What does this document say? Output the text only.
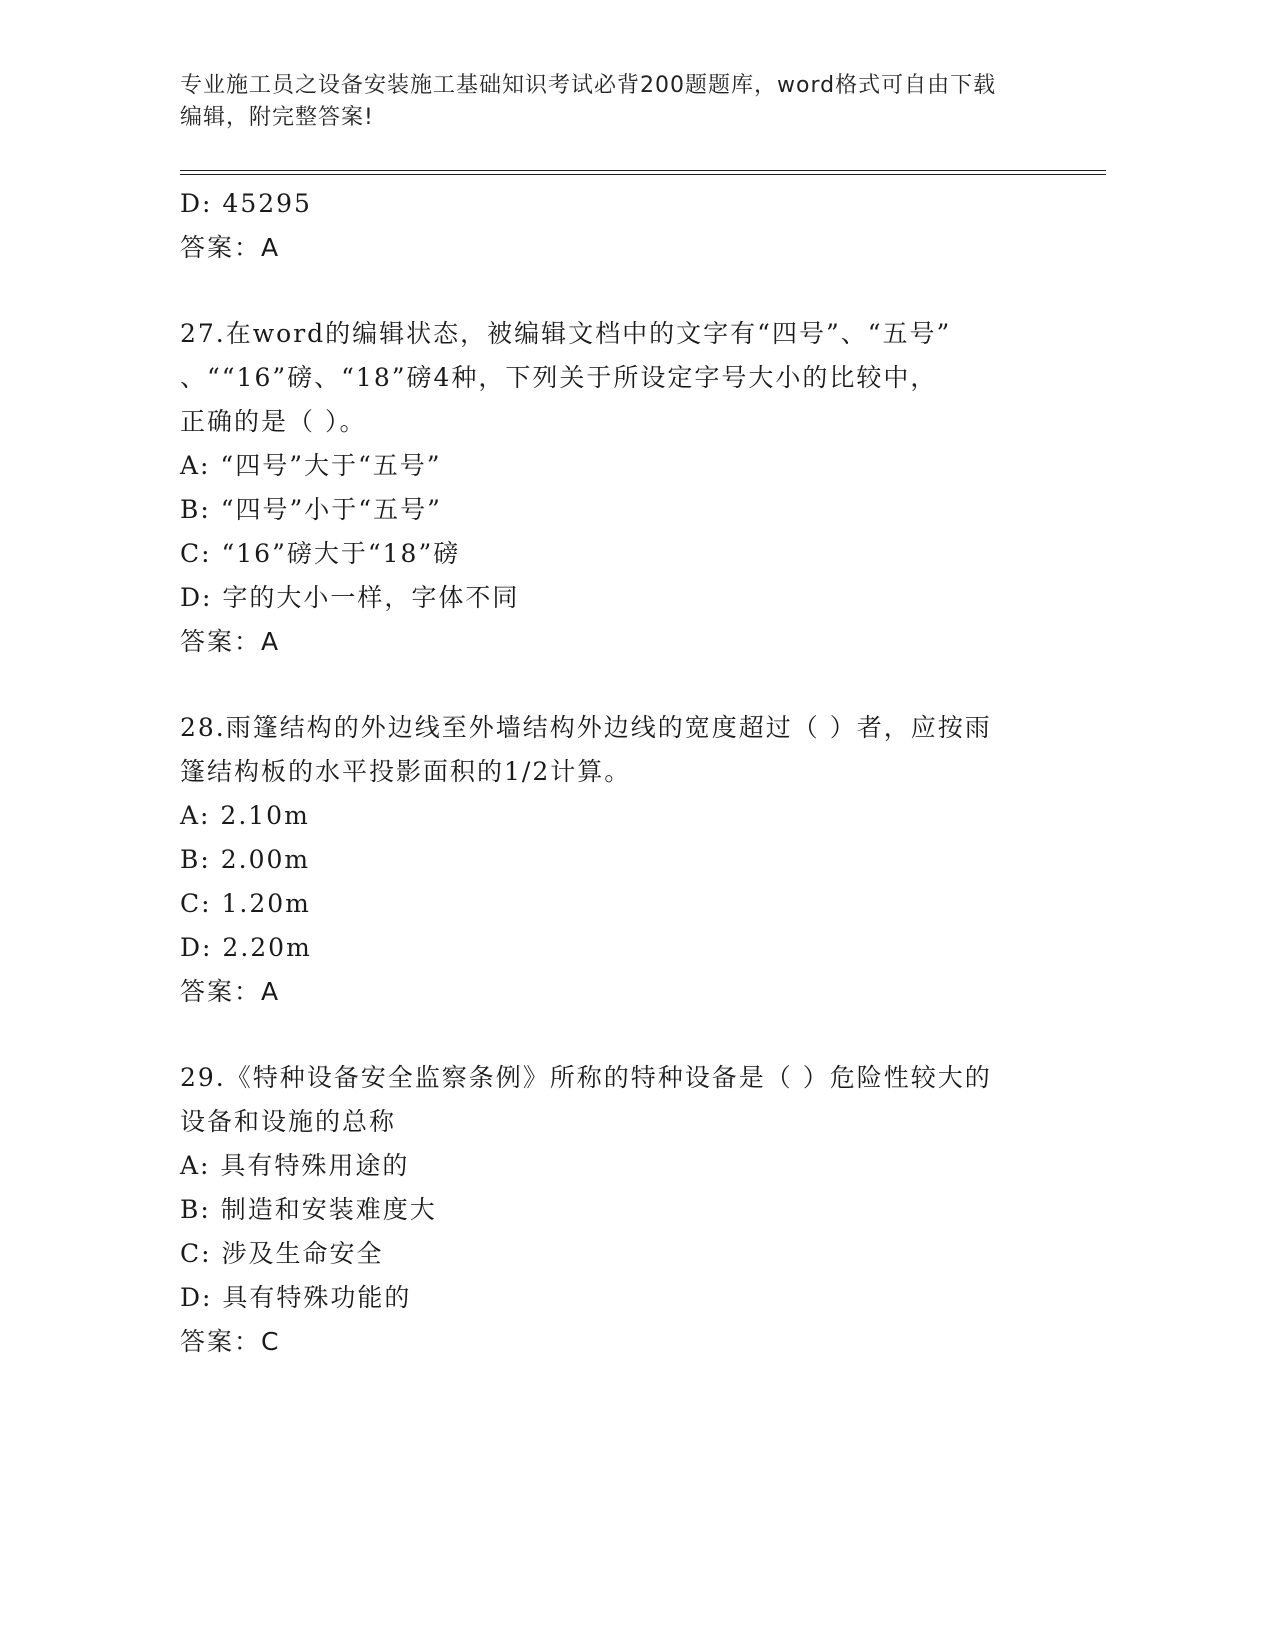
专业施工员之设备安装施工基础知识考试必背200题题库，word格式可自由下载
编辑，附完整答案!
D: 45295
答案：A
27.在word的编辑状态，被编辑文档中的文字有“四号”、“五号”
、““16”磅、“18”磅4种，下列关于所设定字号大小的比较中，
正确的是（ ）。
A: “四号”大于“五号”
B: “四号”小于“五号”
C: “16”磅大于“18”磅
D: 字的大小一样，字体不同
答案：A
28.雨篷结构的外边线至外墙结构外边线的宽度超过（ ）者，应按雨
篷结构板的水平投影面积的1/2计算。
A: 2.10m
B: 2.00m
C: 1.20m
D: 2.20m
答案：A
29.《特种设备安全监察条例》所称的特种设备是（ ）危险性较大的
设备和设施的总称
A: 具有特殊用途的
B: 制造和安装难度大
C: 涉及生命安全
D: 具有特殊功能的
答案：C
